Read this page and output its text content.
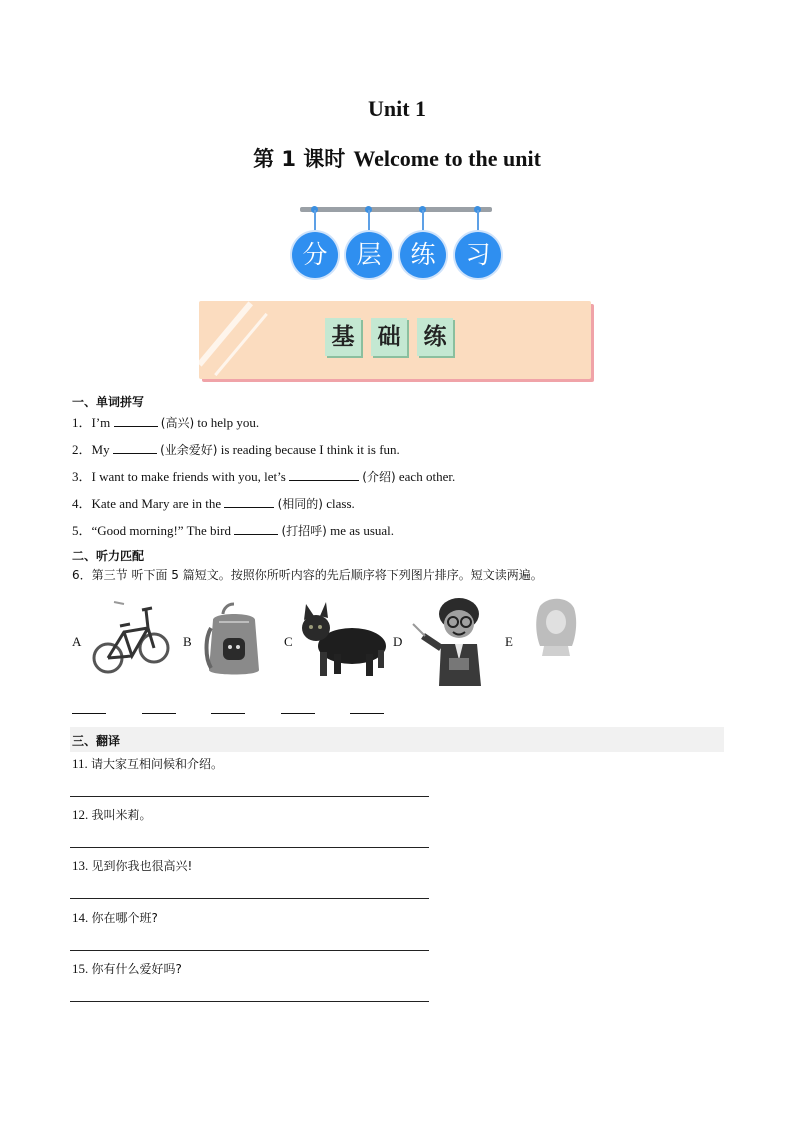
Unit 1
第 1 课时 Welcome to the unit
分	层	练	习
基 础 练
一、单词拼写
1．I’m	(高兴) to help you.
2．My	(业余爱好) is reading because I think it is fun.
3．I want to make friends with you, let’s	(介绍) each other.
4．Kate and Mary are in the	(相同的) class.
5．“Good morning!” The bird	(打招呼) me as usual.
二、听力匹配
6．第三节 听下面 5 篇短文。按照你所听内容的先后顺序将下列图片排序。短文读两遍。
A	B	C	D	E
三、翻译
11. 请大家互相问候和介绍。
12. 我叫米莉。
13. 见到你我也很高兴!
14. 你在哪个班?
15. 你有什么爱好吗?
